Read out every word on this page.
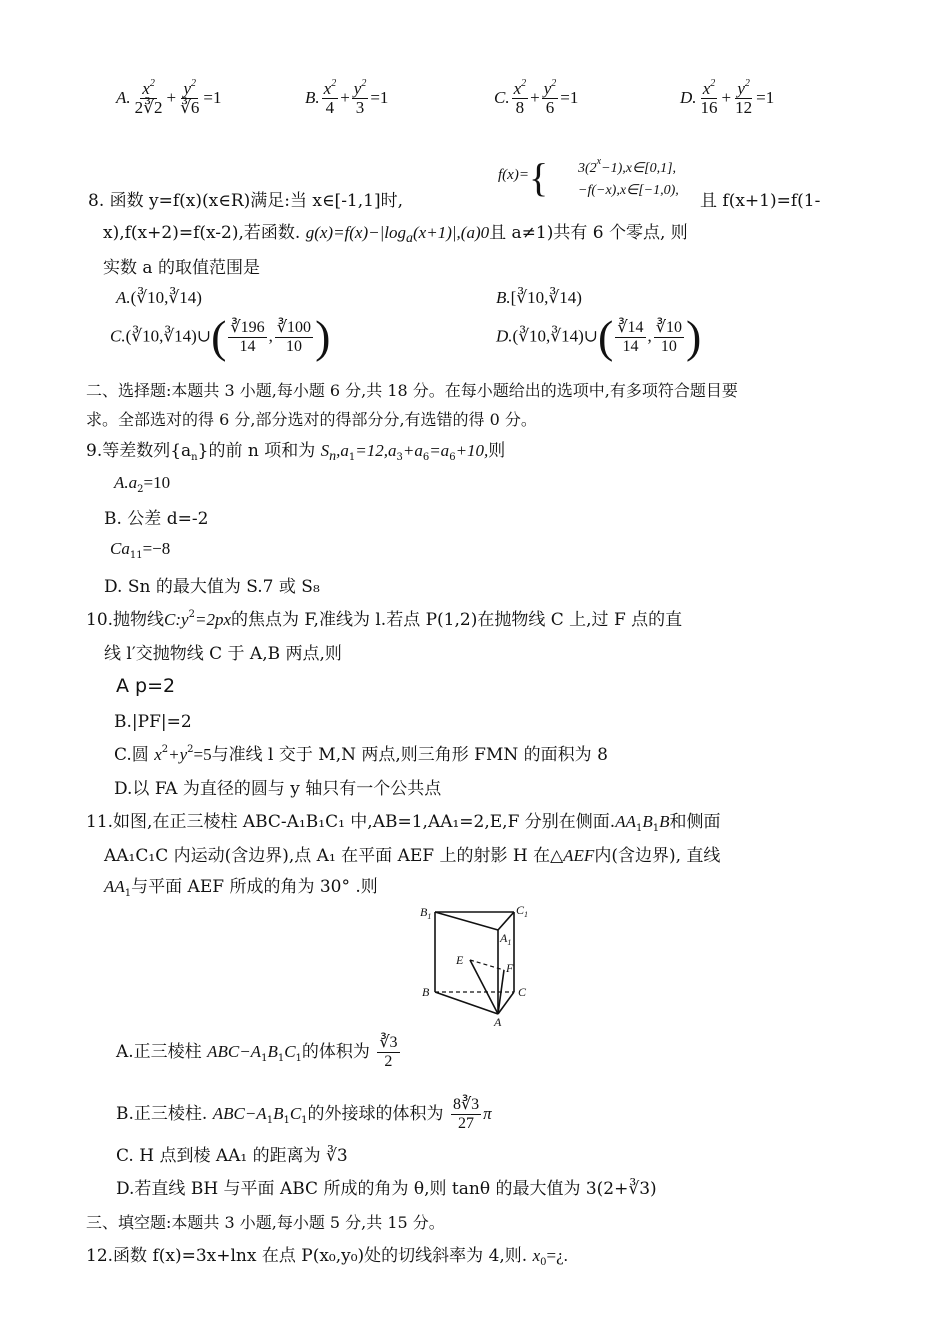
A. $\frac{x^2}{2∛2} + \frac{y^2}{∛6} =1$	B. $\frac{x^2}{4} + \frac{y^2}{3} =1$	C. $\frac{x^2}{8} + \frac{y^2}{6} =1$	D. $\frac{x^2}{16} + \frac{y^2}{12} =1$
f(x)={ $3(2^x-1),x\in[0,1]$,
−f(−x),x∈[−1,0),
8. 函数 y=f(x)(x∈R)满足:当 x∈[-1,1]时,	且 f(x+1)=f(1-
x),f(x+2)=f(x-2),若函数. $g(x)=f(x)-|\log_a(x+1)|,(a)0$且 a≠1)共有 6 个零点, 则
实数 a 的取值范围是
A.(∛10,∛14)	B.[∛10,∛14)
C.(∛10,∛14)∪( $\frac{∛196}{14}$ , $\frac{∛100}{10}$ )	D.(∛10,∛14)∪( $\frac{∛14}{14}$ , $\frac{∛10}{10}$ )
二、选择题:本题共 3 小题,每小题 6 分,共 18 分。在每小题给出的选项中,有多项符合题目要
求。全部选对的得 6 分,部分选对的得部分分,有选错的得 0 分。
9.等差数列$\{a_n\}$的前 n 项和为 $S_n,a_1=12,a_3+a_6=a_6+10$,则
$A.a_2=10$
B. 公差 d=-2
$Ca_{11}=-8$
D. Sn 的最大值为 S.7 或 S₈
10.抛物线$C:y^2=2px$的焦点为 F,准线为 l.若点 P(1,2)在抛物线 C 上,过 F 点的直
线 l′交抛物线 C 于 A,B 两点,则
A p=2
B.|PF|=2
C.圆 $x^2+y^2=5$与准线 l 交于 M,N 两点,则三角形 FMN 的面积为 8
D.以 FA 为直径的圆与 y 轴只有一个公共点
11.如图,在正三棱柱 ABC-A₁B₁C₁ 中,AB=1,AA₁=2,E,F 分别在侧面$.AA_1B_1B$和侧面
AA₁C₁C 内运动(含边界),点 A₁ 在平面 AEF 上的射影 H 在△AEF内(含边界), 直线
$AA_1$与平面 AEF 所成的角为 30° .则
$B_1$	$C_1$
$A_1$
E
F
B	C
A
A.正三棱柱 $ABC-A_1B_1C_1$的体积为 $\frac{∛3}{2}$
B.正三棱柱. $ABC-A_1B_1C_1$的外接球的体积为 $\frac{8∛3}{27}$ π
C. H 点到棱 AA₁ 的距离为 ∛3
D.若直线 BH 与平面 ABC 所成的角为 θ,则 tanθ 的最大值为 3(2+∛3)
三、填空题:本题共 3 小题,每小题 5 分,共 15 分。
12.函数 f(x)=3x+lnx 在点 P(x₀,y₀)处的切线斜率为 4,则. $x_0=¿$.
